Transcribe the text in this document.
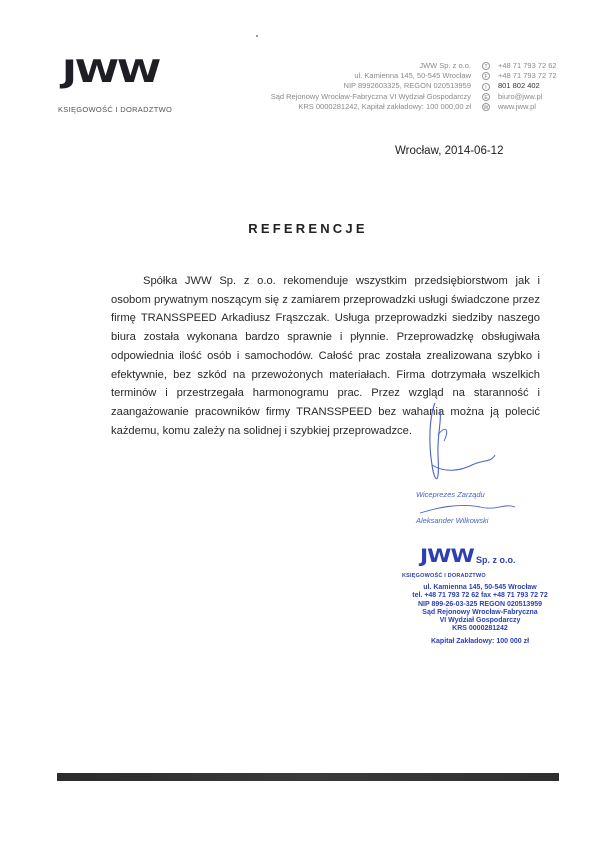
JWW
KSIĘGOWOŚĆ I DORADZTWO
JWW Sp. z o.o.
ul. Kamienna 145, 50-545 Wrocław
NIP 8992603325, REGON 020513959
Sąd Rejonowy Wrocław-Fabryczna VI Wydział Gospodarczy
KRS 0000281242, Kapitał zakładowy: 100 000,00 zł
T	+48 71 793 72 62
F	+48 71 793 72 72
I	801 802 402
E	biuro@jww.pl
W www.jww.pl
Wrocław, 2014-06-12
REFERENCJE

Spółka JWW Sp. z o.o. rekomenduje wszystkim przedsiębiorstwom jak i osobom prywatnym noszącym się z zamiarem przeprowadzki usługi świadczone przez firmę TRANSSPEED Arkadiusz Frąszczak. Usługa przeprowadzki siedziby naszego biura została wykonana bardzo sprawnie i płynnie. Przeprowadzkę obsługiwała odpowiednia ilość osób i samochodów. Całość prac została zrealizowana szybko i efektywnie, bez szkód na przewożonych materiałach. Firma dotrzymała wszelkich terminów i przestrzegała harmonogramu prac. Przez wzgląd na staranność i zaangażowanie pracowników firmy TRANSSPEED bez wahania można ją polecić każdemu, komu zależy na solidnej i szybkiej przeprowadzce.

Wiceprezes Zarządu
Aleksander Wilkowski
JWW Sp. z o.o.
KSIĘGOWOŚĆ I DORADZTWO
ul. Kamienna 145, 50-545 Wrocław
tel. +48 71 793 72 62 fax +48 71 793 72 72
NIP 899-26-03-325 REGON 020513959
Sąd Rejonowy Wrocław-Fabryczna
VI Wydział Gospodarczy
KRS 0000281242
Kapitał Zakładowy: 100 000 zł
